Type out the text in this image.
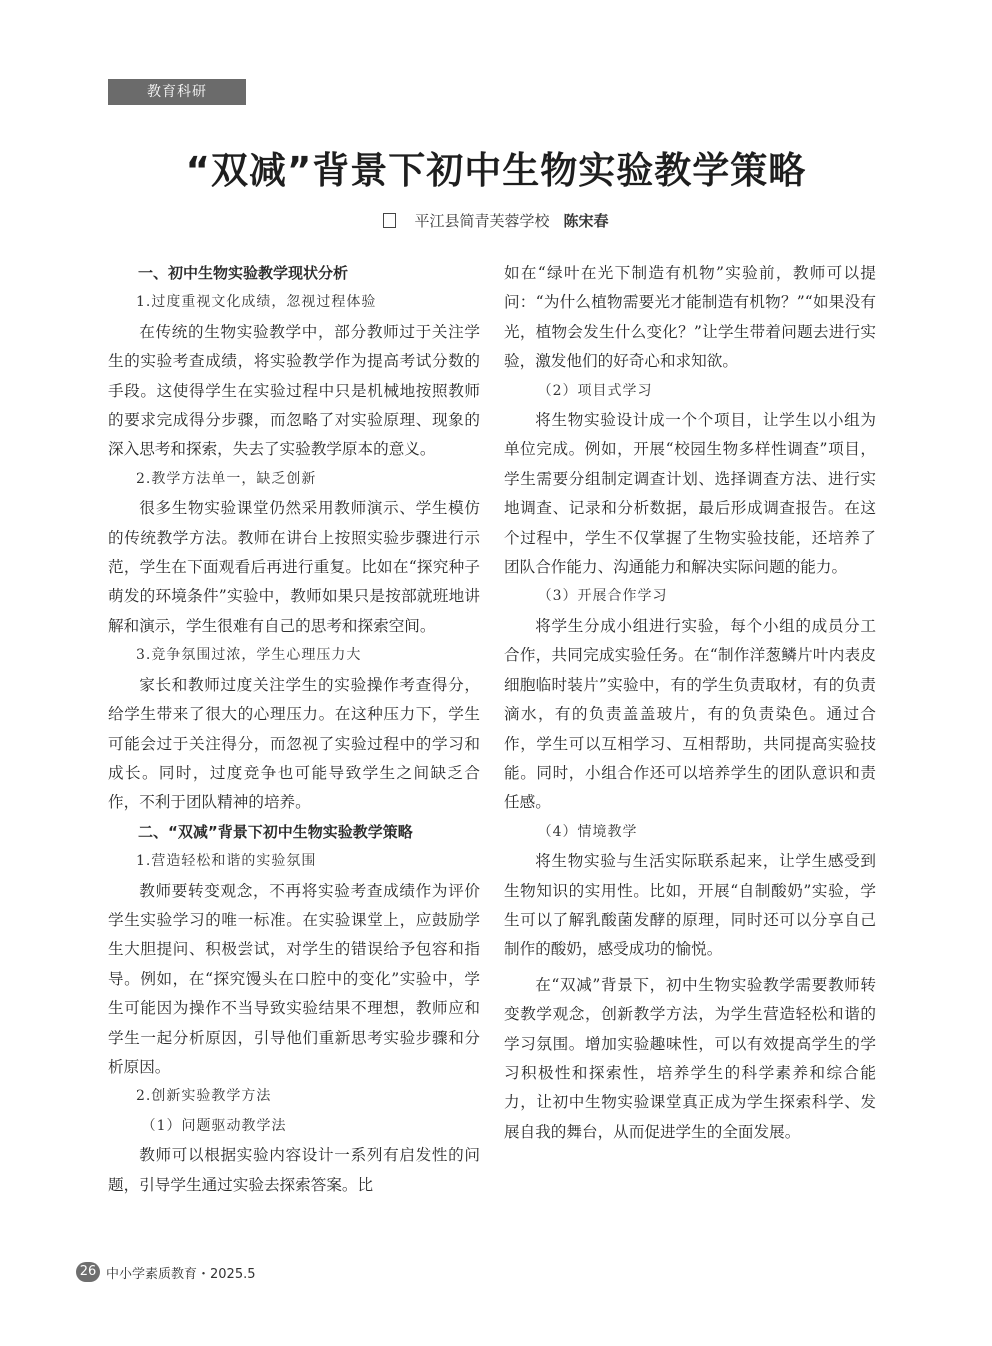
教育科研
“双减”背景下初中生物实验教学策略
平江县简青芙蓉学校 陈宋春

一、初中生物实验教学现状分析

1.过度重视文化成绩，忽视过程体验

在传统的生物实验教学中，部分教师过于关注学生的实验考查成绩，将实验教学作为提高考试分数的手段。这使得学生在实验过程中只是机械地按照教师的要求完成得分步骤，而忽略了对实验原理、现象的深入思考和探索，失去了实验教学原本的意义。

2.教学方法单一，缺乏创新

很多生物实验课堂仍然采用教师演示、学生模仿的传统教学方法。教师在讲台上按照实验步骤进行示范，学生在下面观看后再进行重复。比如在“探究种子萌发的环境条件”实验中，教师如果只是按部就班地讲解和演示，学生很难有自己的思考和探索空间。

3.竞争氛围过浓，学生心理压力大

家长和教师过度关注学生的实验操作考查得分，给学生带来了很大的心理压力。在这种压力下，学生可能会过于关注得分，而忽视了实验过程中的学习和成长。同时，过度竞争也可能导致学生之间缺乏合作，不利于团队精神的培养。

二、“双减”背景下初中生物实验教学策略

1.营造轻松和谐的实验氛围

教师要转变观念，不再将实验考查成绩作为评价学生实验学习的唯一标准。在实验课堂上，应鼓励学生大胆提问、积极尝试，对学生的错误给予包容和指导。例如，在“探究馒头在口腔中的变化”实验中，学生可能因为操作不当导致实验结果不理想，教师应和学生一起分析原因，引导他们重新思考实验步骤和分析原因。

2.创新实验教学方法

（1）问题驱动教学法

教师可以根据实验内容设计一系列有启发性的问题，引导学生通过实验去探索答案。比

如在“绿叶在光下制造有机物”实验前，教师可以提问：“为什么植物需要光才能制造有机物？”“如果没有光，植物会发生什么变化？”让学生带着问题去进行实验，激发他们的好奇心和求知欲。

（2）项目式学习

将生物实验设计成一个个项目，让学生以小组为单位完成。例如，开展“校园生物多样性调查”项目，学生需要分组制定调查计划、选择调查方法、进行实地调查、记录和分析数据，最后形成调查报告。在这个过程中，学生不仅掌握了生物实验技能，还培养了团队合作能力、沟通能力和解决实际问题的能力。

（3）开展合作学习

将学生分成小组进行实验，每个小组的成员分工合作，共同完成实验任务。在“制作洋葱鳞片叶内表皮细胞临时装片”实验中，有的学生负责取材，有的负责滴水，有的负责盖盖玻片，有的负责染色。通过合作，学生可以互相学习、互相帮助，共同提高实验技能。同时，小组合作还可以培养学生的团队意识和责任感。

（4）情境教学

将生物实验与生活实际联系起来，让学生感受到生物知识的实用性。比如，开展“自制酸奶”实验，学生可以了解乳酸菌发酵的原理，同时还可以分享自己制作的酸奶，感受成功的愉悦。

在“双减”背景下，初中生物实验教学需要教师转变教学观念，创新教学方法，为学生营造轻松和谐的学习氛围。增加实验趣味性，可以有效提高学生的学习积极性和探索性，培养学生的科学素养和综合能力，让初中生物实验课堂真正成为学生探索科学、发展自我的舞台，从而促进学生的全面发展。

26 中小学素质教育・2025.5
